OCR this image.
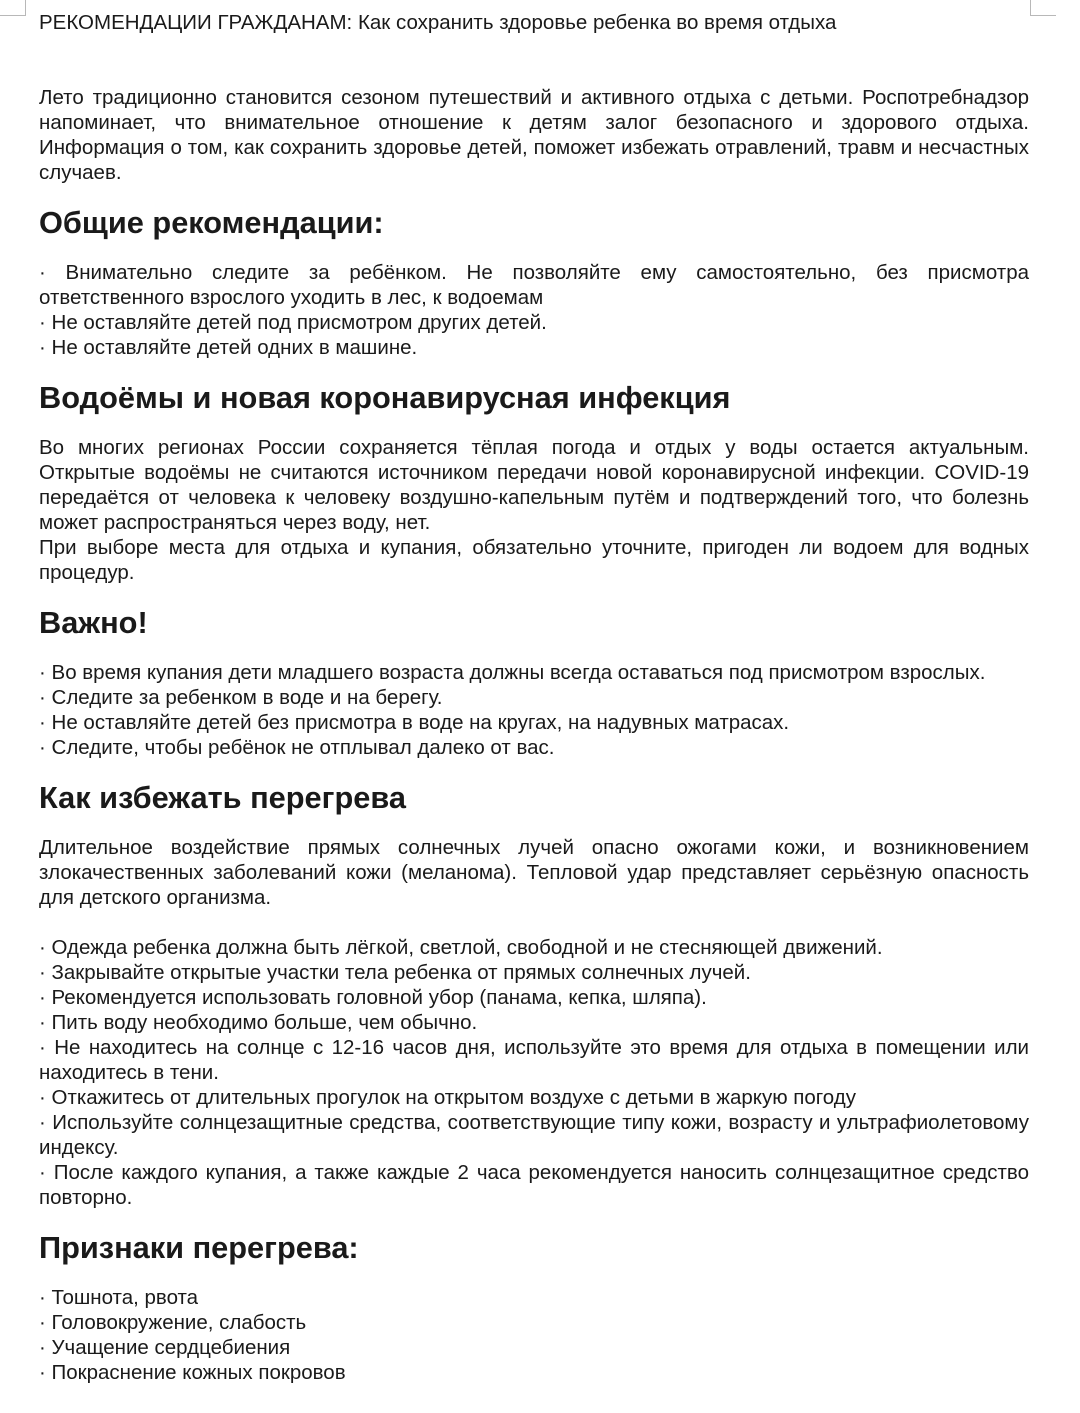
РЕКОМЕНДАЦИИ ГРАЖДАНАМ: Как сохранить здоровье ребенка во время отдыха

Лето традиционно становится сезоном путешествий и активного отдыха с детьми. Роспотребнадзор напоминает, что внимательное отношение к детям залог безопасного и здорового отдыха. Информация о том, как сохранить здоровье детей, поможет избежать отравлений, травм и несчастных случаев.

Общие рекомендации:

· Внимательно следите за ребёнком. Не позволяйте ему самостоятельно, без присмотра ответственного взрослого уходить в лес, к водоемам

· Не оставляйте детей под присмотром других детей.

· Не оставляйте детей одних в машине.

Водоёмы и новая коронавирусная инфекция

Во многих регионах России сохраняется тёплая погода и отдых у воды остается актуальным. Открытые водоёмы не считаются источником передачи новой коронавирусной инфекции. COVID-19 передаётся от человека к человеку воздушно-капельным путём и подтверждений того, что болезнь может распространяться через воду, нет.

При выборе места для отдыха и купания, обязательно уточните, пригоден ли водоем для водных процедур.

Важно!

· Во время купания дети младшего возраста должны всегда оставаться под присмотром взрослых.

· Следите за ребенком в воде и на берегу.

· Не оставляйте детей без присмотра в воде на кругах, на надувных матрасах.

· Следите, чтобы ребёнок не отплывал далеко от вас.

Как избежать перегрева

Длительное воздействие прямых солнечных лучей опасно ожогами кожи, и возникновением злокачественных заболеваний кожи (меланома). Тепловой удар представляет серьёзную опасность для детского организма.

· Одежда ребенка должна быть лёгкой, светлой, свободной и не стесняющей движений.

· Закрывайте открытые участки тела ребенка от прямых солнечных лучей.

· Рекомендуется использовать головной убор (панама, кепка, шляпа).

· Пить воду необходимо больше, чем обычно.

· Не находитесь на солнце с 12-16 часов дня, используйте это время для отдыха в помещении или находитесь в тени.

· Откажитесь от длительных прогулок на открытом воздухе с детьми в жаркую погоду

· Используйте солнцезащитные средства, соответствующие типу кожи, возрасту и ультрафиолетовому индексу.

· После каждого купания, а также каждые 2 часа рекомендуется наносить солнцезащитное средство повторно.

Признаки перегрева:

· Тошнота, рвота

· Головокружение, слабость

· Учащение сердцебиения

· Покраснение кожных покровов
